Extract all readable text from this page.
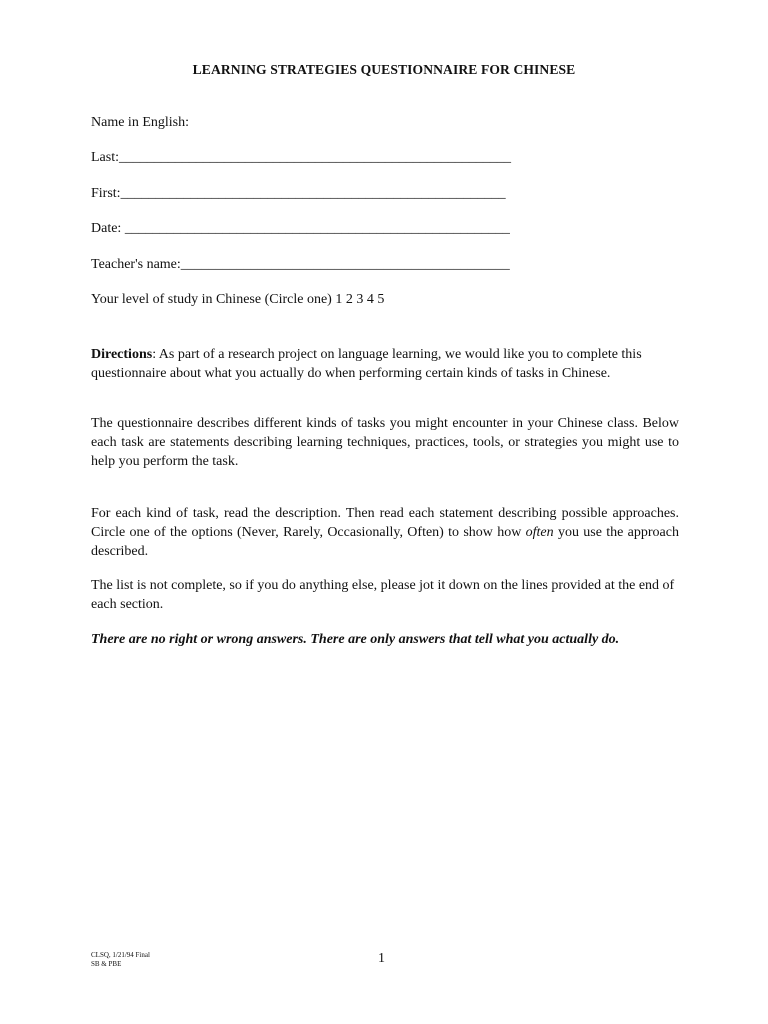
LEARNING STRATEGIES QUESTIONNAIRE FOR CHINESE
Name in English:
Last:________________________________________________________
First:_______________________________________________________
Date: _______________________________________________________
Teacher's name:_______________________________________________
Your level of study in Chinese (Circle one) 1 2 3 4 5
Directions: As part of a research project on language learning, we would like you to complete this questionnaire about what you actually do when performing certain kinds of tasks in Chinese.
The questionnaire describes different kinds of tasks you might encounter in your Chinese class. Below each task are statements describing learning techniques, practices, tools, or strategies you might use to help you perform the task.
For each kind of task, read the description. Then read each statement describing possible approaches. Circle one of the options (Never, Rarely, Occasionally, Often) to show how often you use the approach described.
The list is not complete, so if you do anything else, please jot it down on the lines provided at the end of each section.
There are no right or wrong answers. There are only answers that tell what you actually do.
CLSQ, 1/21/94 Final
SB & PBE	1
